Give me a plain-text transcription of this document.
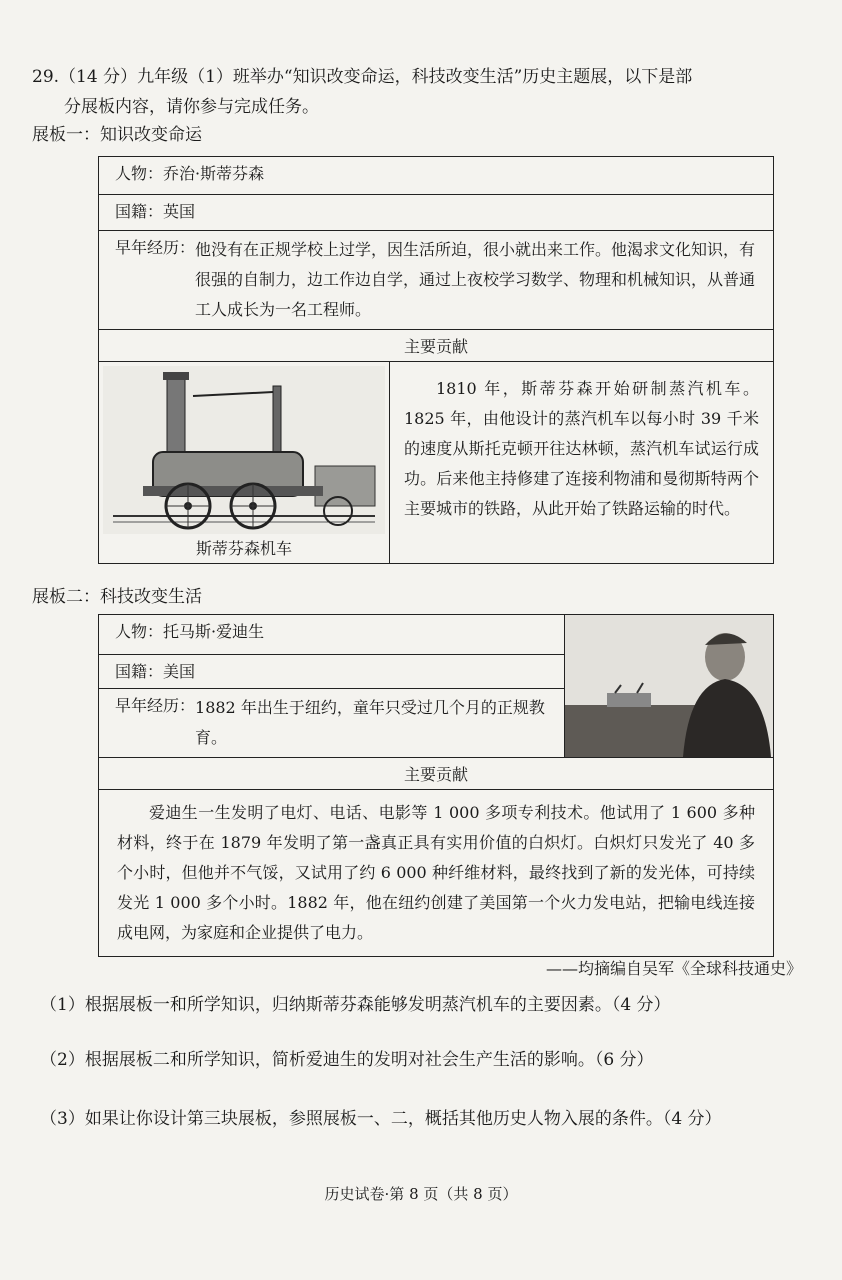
29.（14 分）九年级（1）班举办“知识改变命运，科技改变生活”历史主题展，以下是部
分展板内容，请你参与完成任务。
展板一：知识改变命运
人物：乔治·斯蒂芬森
国籍：英国

早年经历： 他没有在正规学校上过学，因生活所迫，很小就出来工作。他渴求文化知识，有很强的自制力，边工作边自学，通过上夜校学习数学、物理和机械知识，从普通工人成长为一名工程师。

主要贡献

斯蒂芬森机车

1810 年，斯蒂芬森开始研制蒸汽机车。1825 年，由他设计的蒸汽机车以每小时 39 千米的速度从斯托克顿开往达林顿，蒸汽机车试运行成功。后来他主持修建了连接利物浦和曼彻斯特两个主要城市的铁路，从此开始了铁路运输的时代。
展板二：科技改变生活
人物：托马斯·爱迪生	

国籍：美国

早年经历： 1882 年出生于纽约，童年只受过几个月的正规教育。

主要贡献

爱迪生一生发明了电灯、电话、电影等 1 000 多项专利技术。他试用了 1 600 多种材料，终于在 1879 年发明了第一盏真正具有实用价值的白炽灯。白炽灯只发光了 40 多个小时，但他并不气馁，又试用了约 6 000 种纤维材料，最终找到了新的发光体，可持续发光 1 000 多个小时。1882 年，他在纽约创建了美国第一个火力发电站，把输电线连接成电网，为家庭和企业提供了电力。
——均摘编自吴军《全球科技通史》
（1）根据展板一和所学知识，归纳斯蒂芬森能够发明蒸汽机车的主要因素。（4 分）
（2）根据展板二和所学知识，简析爱迪生的发明对社会生产生活的影响。（6 分）
（3）如果让你设计第三块展板，参照展板一、二，概括其他历史人物入展的条件。（4 分）
历史试卷·第 8 页（共 8 页）
